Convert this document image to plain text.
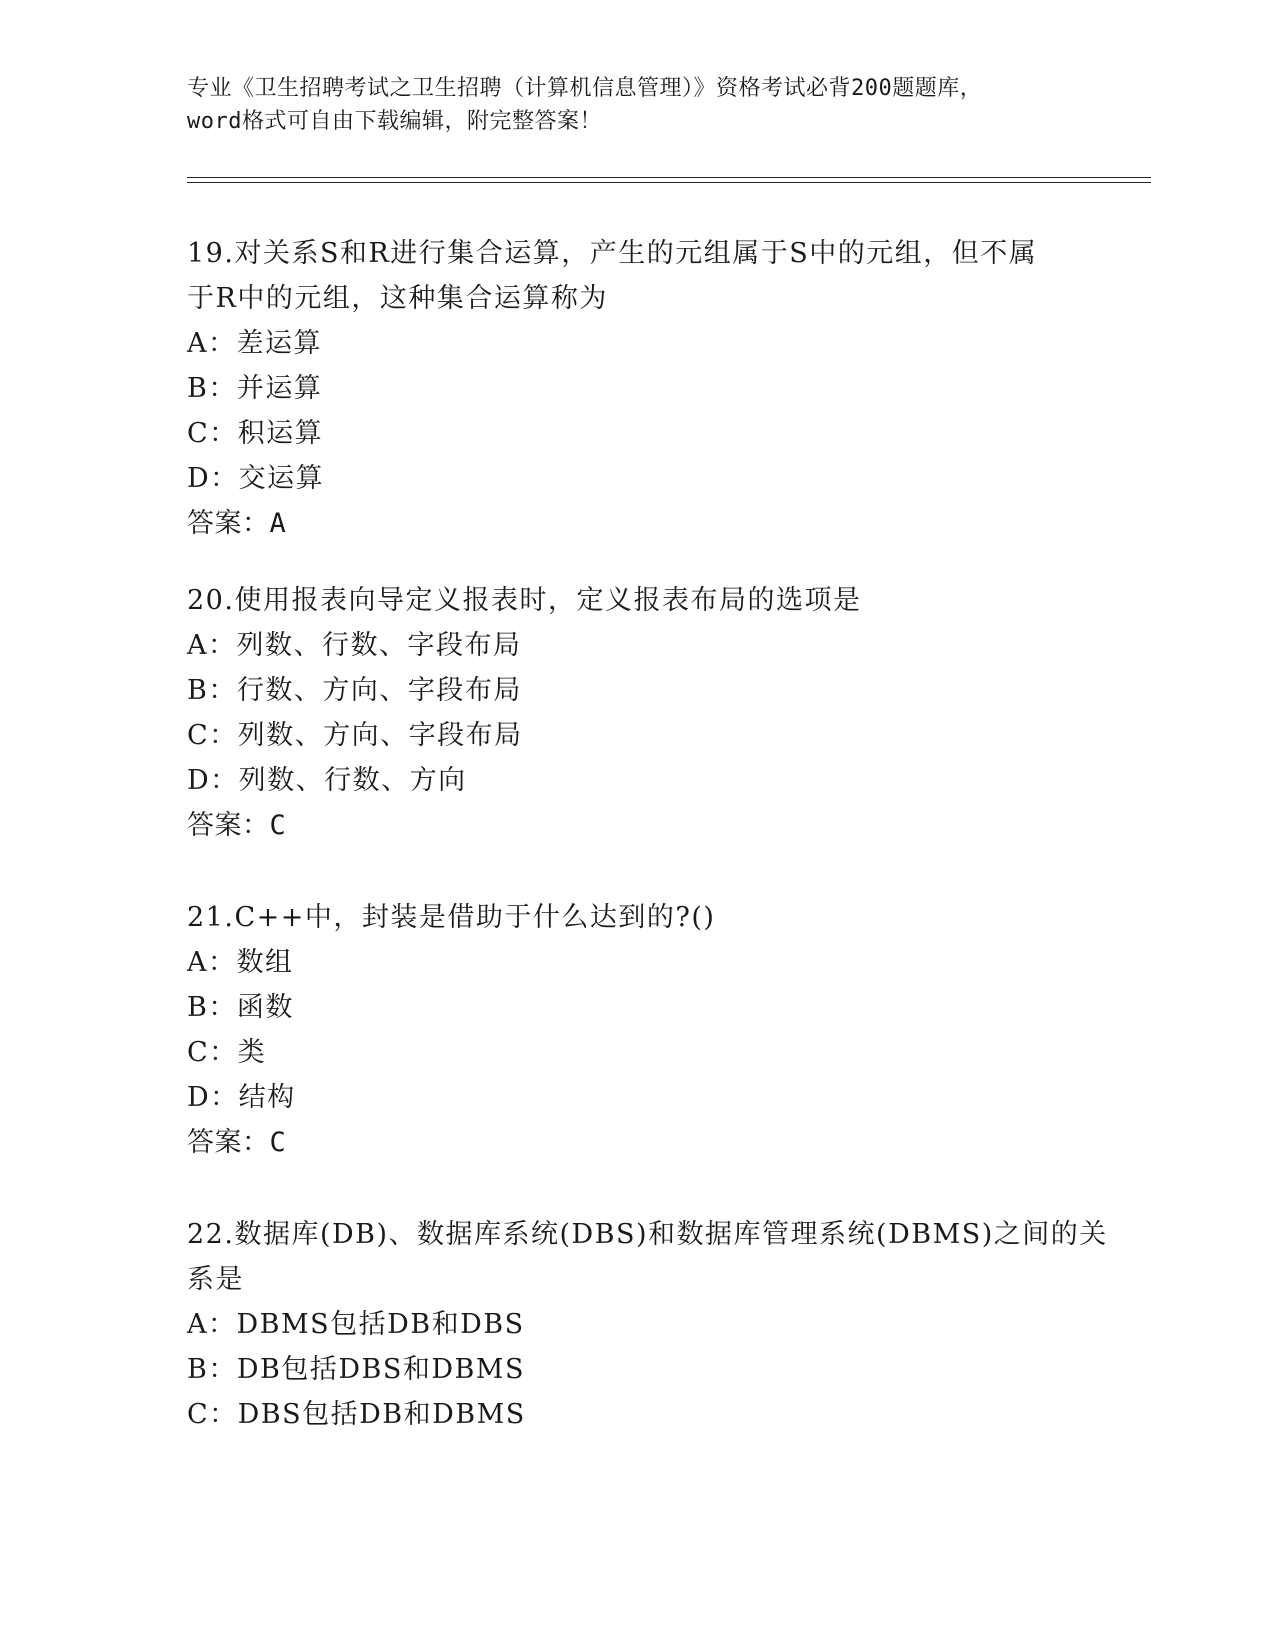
专业《卫生招聘考试之卫生招聘（计算机信息管理）》资格考试必背200题题库，
word格式可自由下载编辑，附完整答案！
19.对关系S和R进行集合运算，产生的元组属于S中的元组，但不属
于R中的元组，这种集合运算称为
A：差运算
B：并运算
C：积运算
D：交运算
答案：A
20.使用报表向导定义报表时，定义报表布局的选项是
A：列数、行数、字段布局
B：行数、方向、字段布局
C：列数、方向、字段布局
D：列数、行数、方向
答案：C
21.C++中，封装是借助于什么达到的?()
A：数组
B：函数
C：类
D：结构
答案：C
22.数据库(DB)、数据库系统(DBS)和数据库管理系统(DBMS)之间的关
系是
A：DBMS包括DB和DBS
B：DB包括DBS和DBMS
C：DBS包括DB和DBMS
